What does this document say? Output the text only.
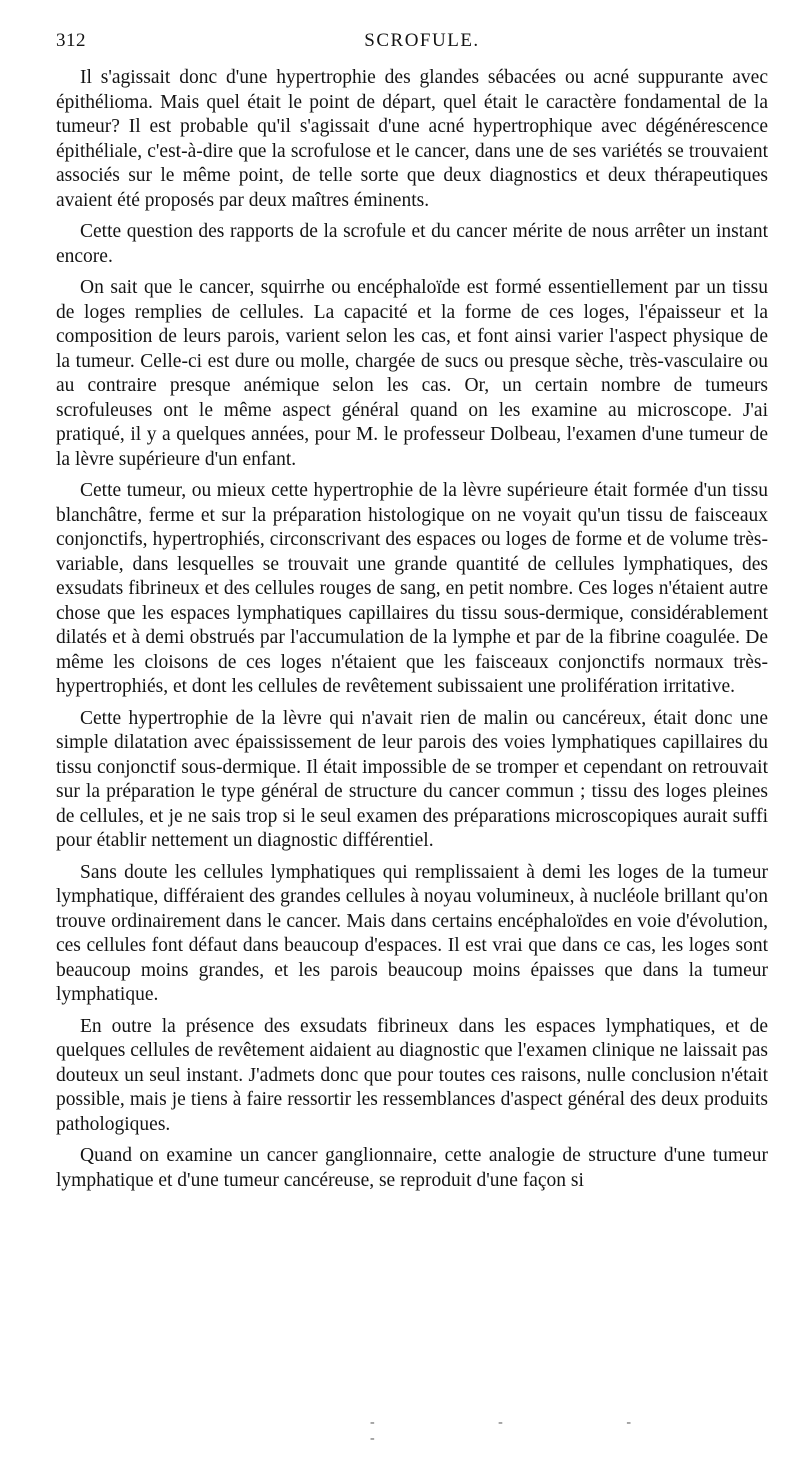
312	SCROFULE.

Il s'agissait donc d'une hypertrophie des glandes sébacées ou acné suppurante avec épithélioma. Mais quel était le point de départ, quel était le caractère fondamental de la tumeur? Il est probable qu'il s'agissait d'une acné hypertrophique avec dégénérescence épithéliale, c'est-à-dire que la scrofulose et le cancer, dans une de ses variétés se trouvaient associés sur le même point, de telle sorte que deux diagnostics et deux thérapeutiques avaient été proposés par deux maîtres éminents.

Cette question des rapports de la scrofule et du cancer mérite de nous arrêter un instant encore.

On sait que le cancer, squirrhe ou encéphaloïde est formé essentiellement par un tissu de loges remplies de cellules. La capacité et la forme de ces loges, l'épaisseur et la composition de leurs parois, varient selon les cas, et font ainsi varier l'aspect physique de la tumeur. Celle-ci est dure ou molle, chargée de sucs ou presque sèche, très-vasculaire ou au contraire presque anémique selon les cas. Or, un certain nombre de tumeurs scrofuleuses ont le même aspect général quand on les examine au microscope. J'ai pratiqué, il y a quelques années, pour M. le professeur Dolbeau, l'examen d'une tumeur de la lèvre supérieure d'un enfant.

Cette tumeur, ou mieux cette hypertrophie de la lèvre supérieure était formée d'un tissu blanchâtre, ferme et sur la préparation histologique on ne voyait qu'un tissu de faisceaux conjonctifs, hypertrophiés, circonscrivant des espaces ou loges de forme et de volume très-variable, dans lesquelles se trouvait une grande quantité de cellules lymphatiques, des exsudats fibrineux et des cellules rouges de sang, en petit nombre. Ces loges n'étaient autre chose que les espaces lymphatiques capillaires du tissu sous-dermique, considérablement dilatés et à demi obstrués par l'accumulation de la lymphe et par de la fibrine coagulée. De même les cloisons de ces loges n'étaient que les faisceaux conjonctifs normaux très-hypertrophiés, et dont les cellules de revêtement subissaient une prolifération irritative.

Cette hypertrophie de la lèvre qui n'avait rien de malin ou cancéreux, était donc une simple dilatation avec épaississement de leur parois des voies lymphatiques capillaires du tissu conjonctif sous-dermique. Il était impossible de se tromper et cependant on retrouvait sur la préparation le type général de structure du cancer commun ; tissu des loges pleines de cellules, et je ne sais trop si le seul examen des préparations microscopiques aurait suffi pour établir nettement un diagnostic différentiel.

Sans doute les cellules lymphatiques qui remplissaient à demi les loges de la tumeur lymphatique, différaient des grandes cellules à noyau volumineux, à nucléole brillant qu'on trouve ordinairement dans le cancer. Mais dans certains encéphaloïdes en voie d'évolution, ces cellules font défaut dans beaucoup d'espaces. Il est vrai que dans ce cas, les loges sont beaucoup moins grandes, et les parois beaucoup moins épaisses que dans la tumeur lymphatique.

En outre la présence des exsudats fibrineux dans les espaces lymphatiques, et de quelques cellules de revêtement aidaient au diagnostic que l'examen clinique ne laissait pas douteux un seul instant. J'admets donc que pour toutes ces raisons, nulle conclusion n'était possible, mais je tiens à faire ressortir les ressemblances d'aspect général des deux produits pathologiques.

Quand on examine un cancer ganglionnaire, cette analogie de structure d'une tumeur lymphatique et d'une tumeur cancéreuse, se reproduit d'une façon si

- - - -
